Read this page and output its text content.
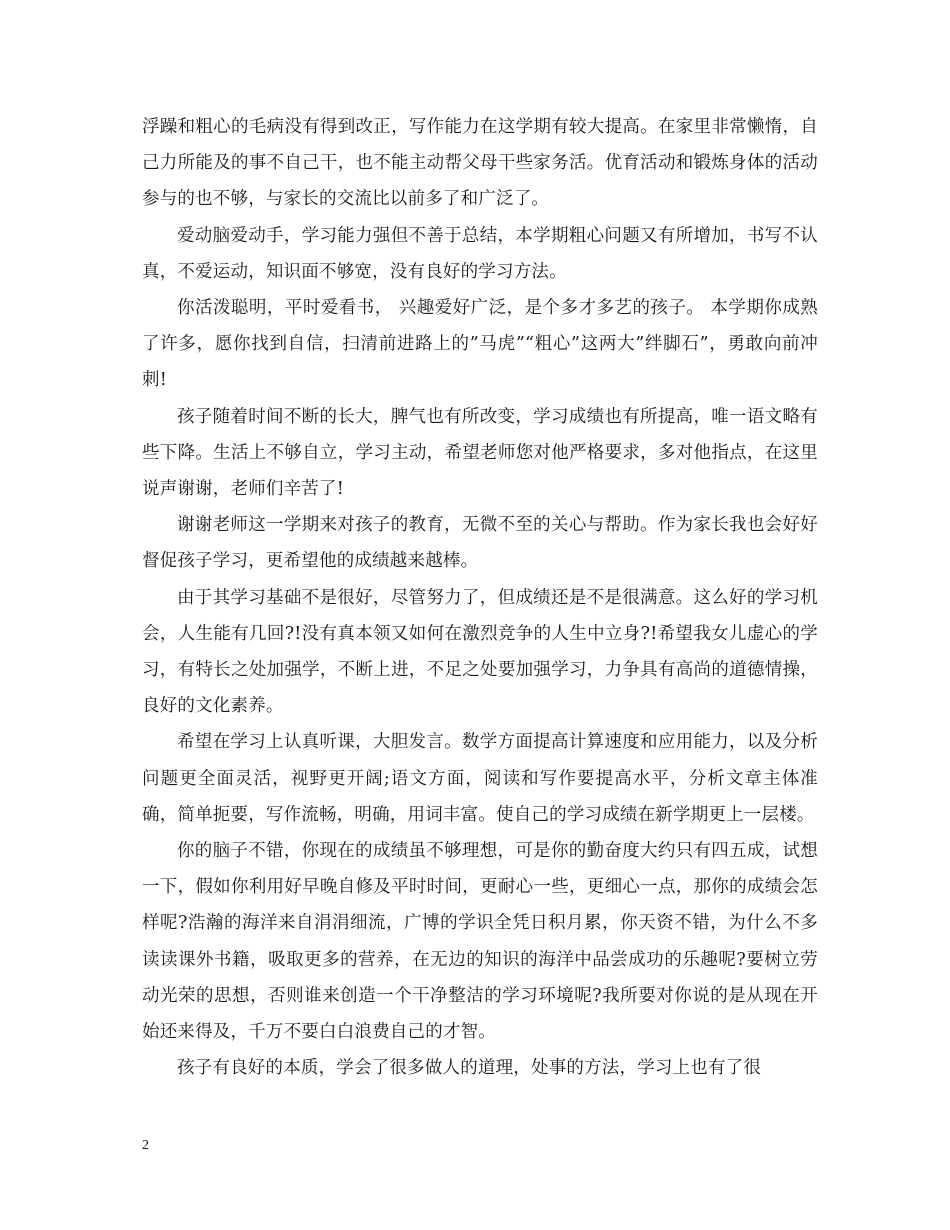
浮躁和粗心的毛病没有得到改正，写作能力在这学期有较大提高。在家里非常懒惰，自己力所能及的事不自己干，也不能主动帮父母干些家务活。优育活动和锻炼身体的活动参与的也不够，与家长的交流比以前多了和广泛了。

爱动脑爱动手，学习能力强但不善于总结，本学期粗心问题又有所增加，书写不认真，不爱运动，知识面不够宽，没有良好的学习方法。

你活泼聪明，平时爱看书， 兴趣爱好广泛，是个多才多艺的孩子。 本学期你成熟了许多，愿你找到自信，扫清前进路上的”马虎”“粗心”这两大”绊脚石”，勇敢向前冲刺!

孩子随着时间不断的长大，脾气也有所改变，学习成绩也有所提高，唯一语文略有些下降。生活上不够自立，学习主动，希望老师您对他严格要求，多对他指点，在这里说声谢谢，老师们辛苦了!

谢谢老师这一学期来对孩子的教育，无微不至的关心与帮助。作为家长我也会好好督促孩子学习，更希望他的成绩越来越棒。

由于其学习基础不是很好，尽管努力了，但成绩还是不是很满意。这么好的学习机会，人生能有几回?!没有真本领又如何在激烈竞争的人生中立身?!希望我女儿虚心的学习，有特长之处加强学，不断上进，不足之处要加强学习，力争具有高尚的道德情操，良好的文化素养。

希望在学习上认真听课，大胆发言。数学方面提高计算速度和应用能力，以及分析问题更全面灵活，视野更开阔;语文方面，阅读和写作要提高水平，分析文章主体准确，简单扼要，写作流畅，明确，用词丰富。使自己的学习成绩在新学期更上一层楼。

你的脑子不错，你现在的成绩虽不够理想，可是你的勤奋度大约只有四五成，试想一下，假如你利用好早晚自修及平时时间，更耐心一些，更细心一点，那你的成绩会怎样呢?浩瀚的海洋来自涓涓细流，广博的学识全凭日积月累，你天资不错，为什么不多读读课外书籍，吸取更多的营养，在无边的知识的海洋中品尝成功的乐趣呢?要树立劳动光荣的思想，否则谁来创造一个干净整洁的学习环境呢?我所要对你说的是从现在开始还来得及，千万不要白白浪费自己的才智。

孩子有良好的本质，学会了很多做人的道理，处事的方法，学习上也有了很

2
